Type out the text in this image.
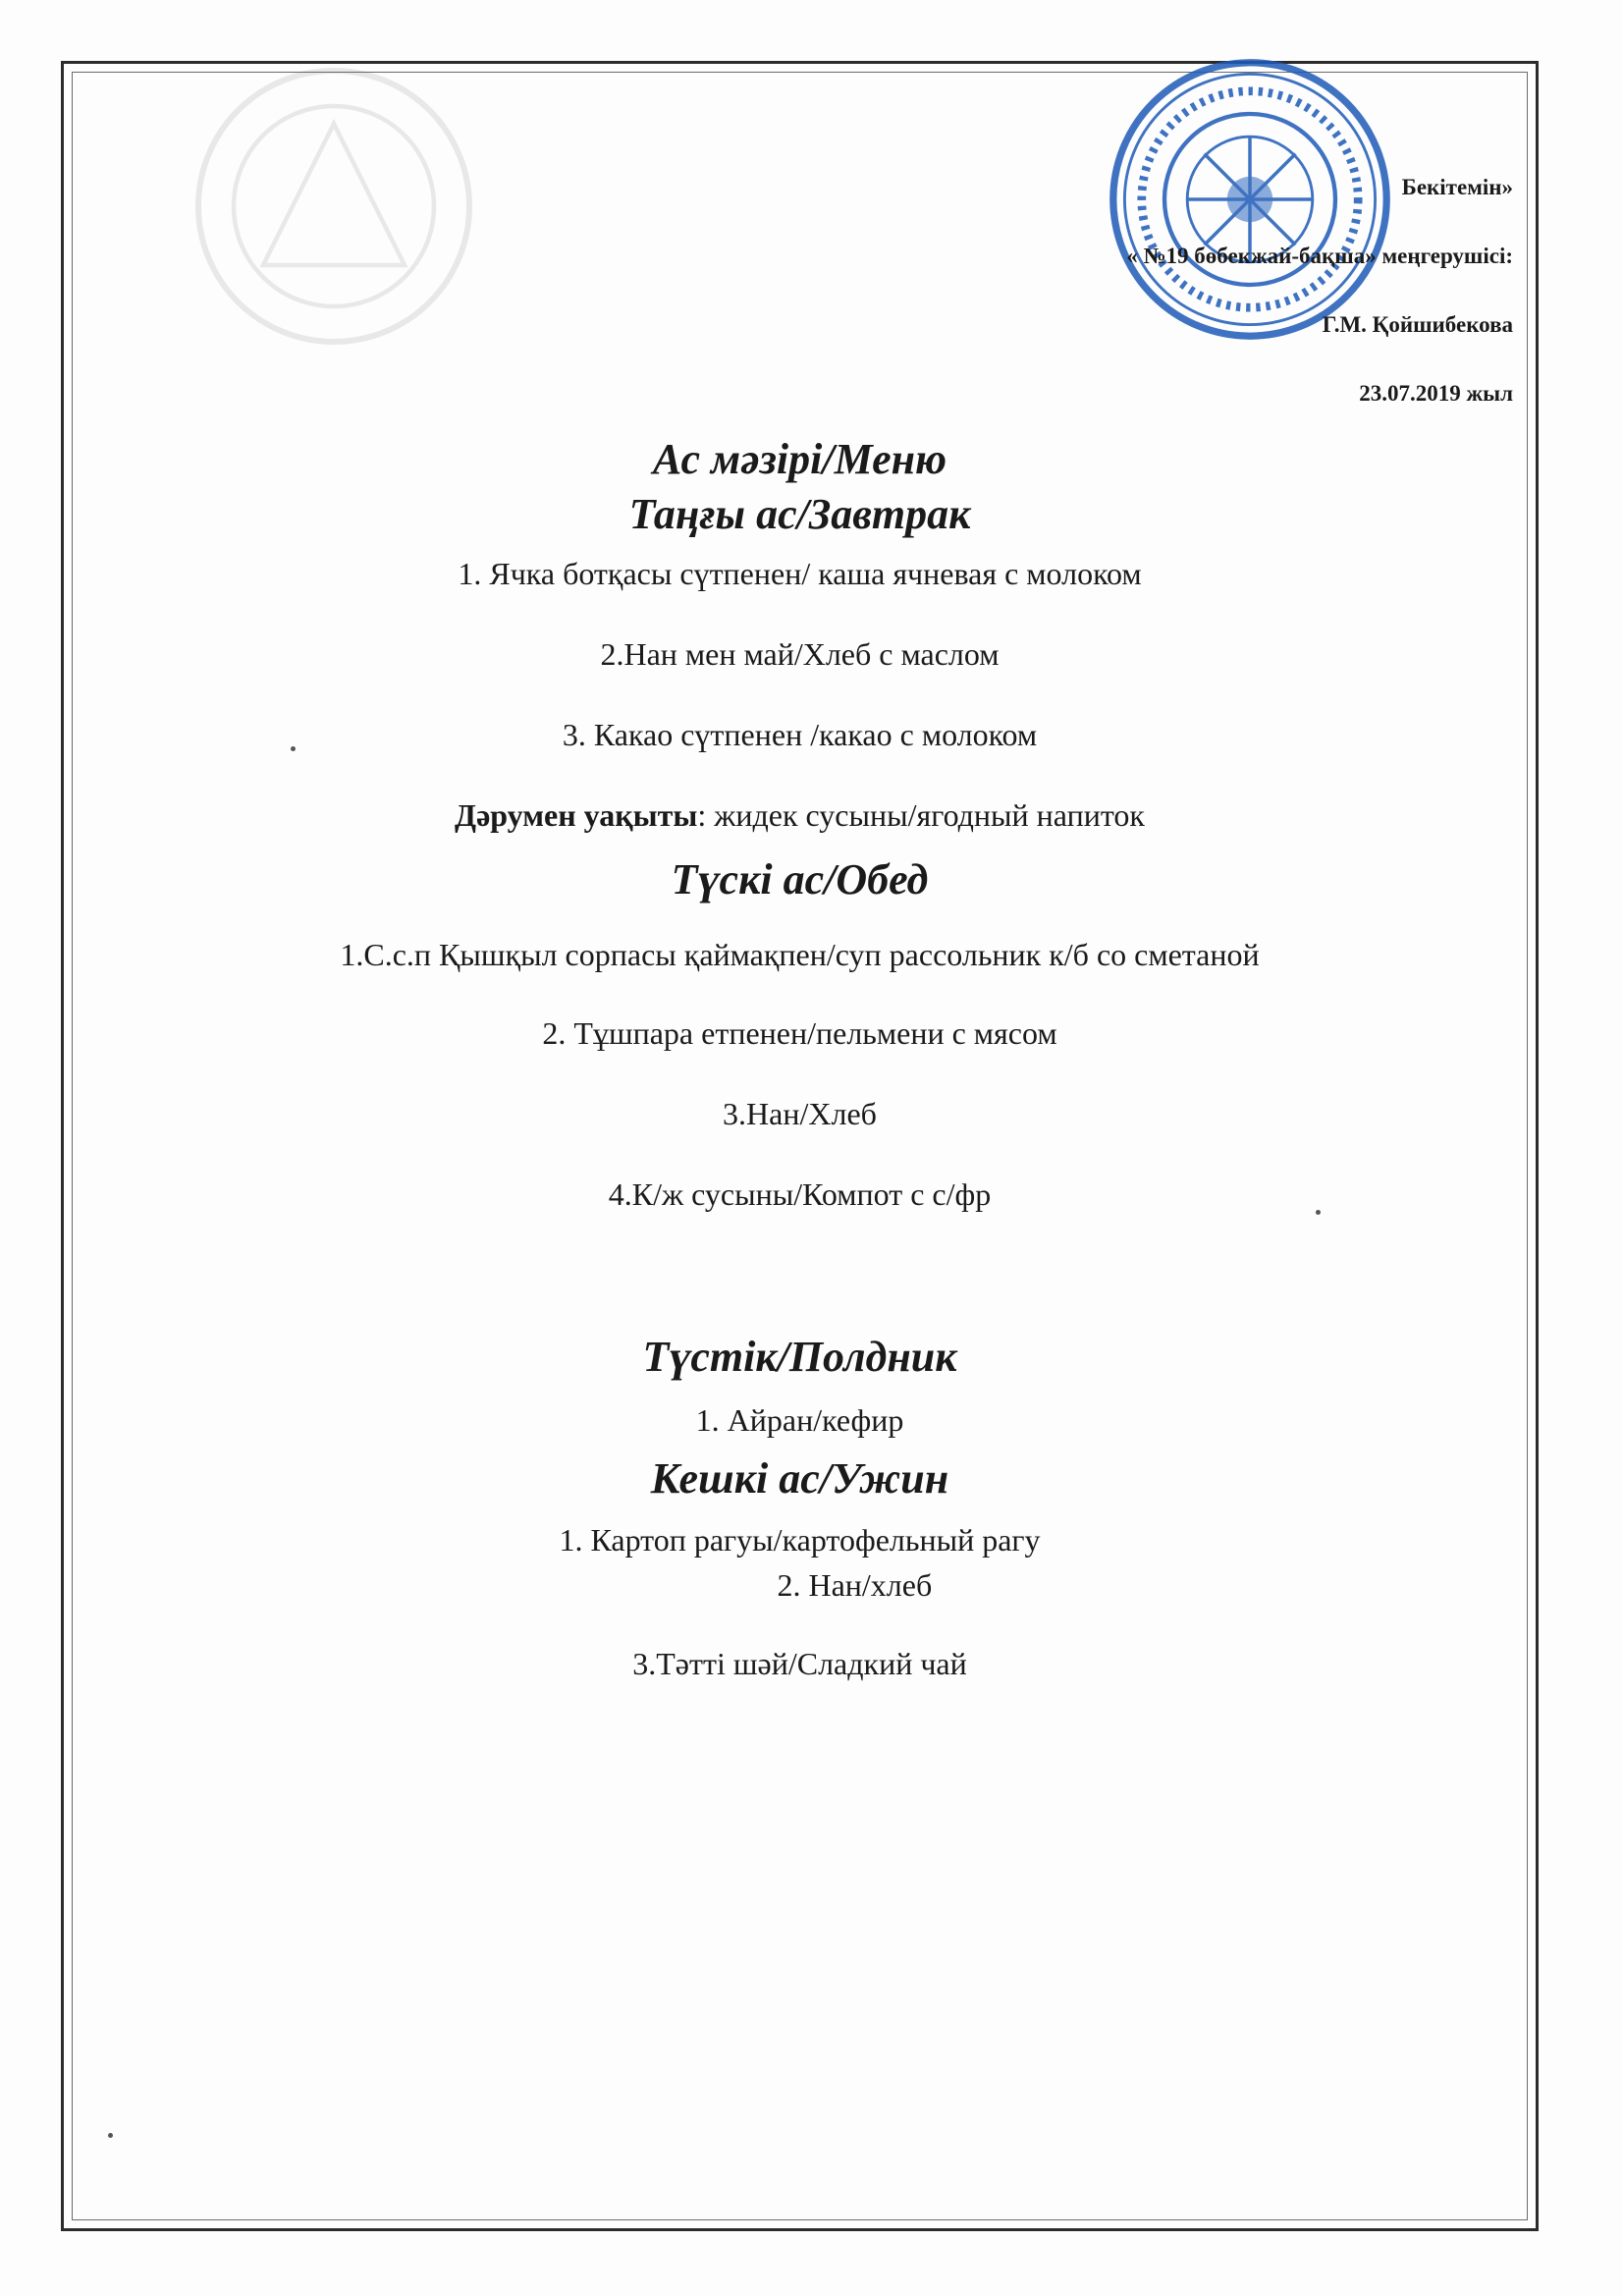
Бекітемін»
« №19 бөбекжай-бақша» меңгерушісі:
Г.М. Қойшибекова
23.07.2019 жыл
Ас мәзірі/Меню
Таңғы ас/Завтрак

1. Ячка ботқасы сүтпенен/ каша ячневая с молоком

2.Нан мен май/Хлеб с маслом

3. Какао сүтпенен /какао с молоком

Дәрумен уақыты: жидек сусыны/ягодный напиток

Түскі ас/Обед

1.С.с.п Қышқыл сорпасы қаймақпен/суп рассольник к/б со сметаной

2. Тұшпара етпенен/пельмени с мясом

3.Нан/Хлеб

4.К/ж сусыны/Компот с с/фр

Түстік/Полдник

1. Айран/кефир

Кешкі ас/Ужин

1. Картоп рагуы/картофельный рагу

2. Нан/хлеб

3.Тәтті шәй/Сладкий чай
